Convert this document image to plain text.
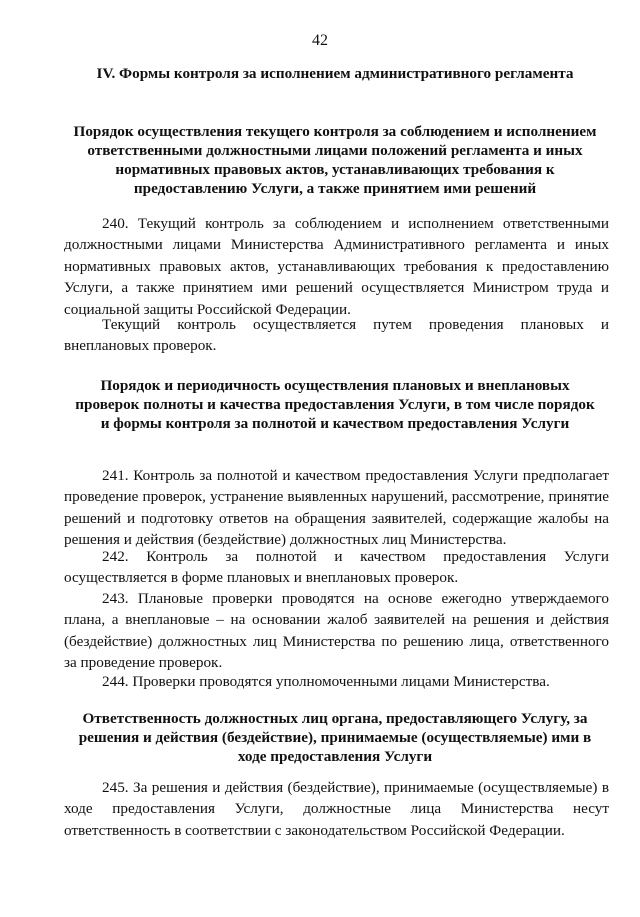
42
IV. Формы контроля за исполнением административного регламента
Порядок осуществления текущего контроля за соблюдением и исполнением ответственными должностными лицами положений регламента и иных нормативных правовых актов, устанавливающих требования к предоставлению Услуги, а также принятием ими решений

240. Текущий контроль за соблюдением и исполнением ответственными должностными лицами Министерства Административного регламента и иных нормативных правовых актов, устанавливающих требования к предоставлению Услуги, а также принятием ими решений осуществляется Министром труда и социальной защиты Российской Федерации.

Текущий контроль осуществляется путем проведения плановых и внеплановых проверок.

Порядок и периодичность осуществления плановых и внеплановых проверок полноты и качества предоставления Услуги, в том числе порядок и формы контроля за полнотой и качеством предоставления Услуги

241. Контроль за полнотой и качеством предоставления Услуги предполагает проведение проверок, устранение выявленных нарушений, рассмотрение, принятие решений и подготовку ответов на обращения заявителей, содержащие жалобы на решения и действия (бездействие) должностных лиц Министерства.

242. Контроль за полнотой и качеством предоставления Услуги осуществляется в форме плановых и внеплановых проверок.

243. Плановые проверки проводятся на основе ежегодно утверждаемого плана, а внеплановые – на основании жалоб заявителей на решения и действия (бездействие) должностных лиц Министерства по решению лица, ответственного за проведение проверок.

244. Проверки проводятся уполномоченными лицами Министерства.

Ответственность должностных лиц органа, предоставляющего Услугу, за решения и действия (бездействие), принимаемые (осуществляемые) ими в ходе предоставления Услуги

245. За решения и действия (бездействие), принимаемые (осуществляемые) в ходе предоставления Услуги, должностные лица Министерства несут ответственность в соответствии с законодательством Российской Федерации.
